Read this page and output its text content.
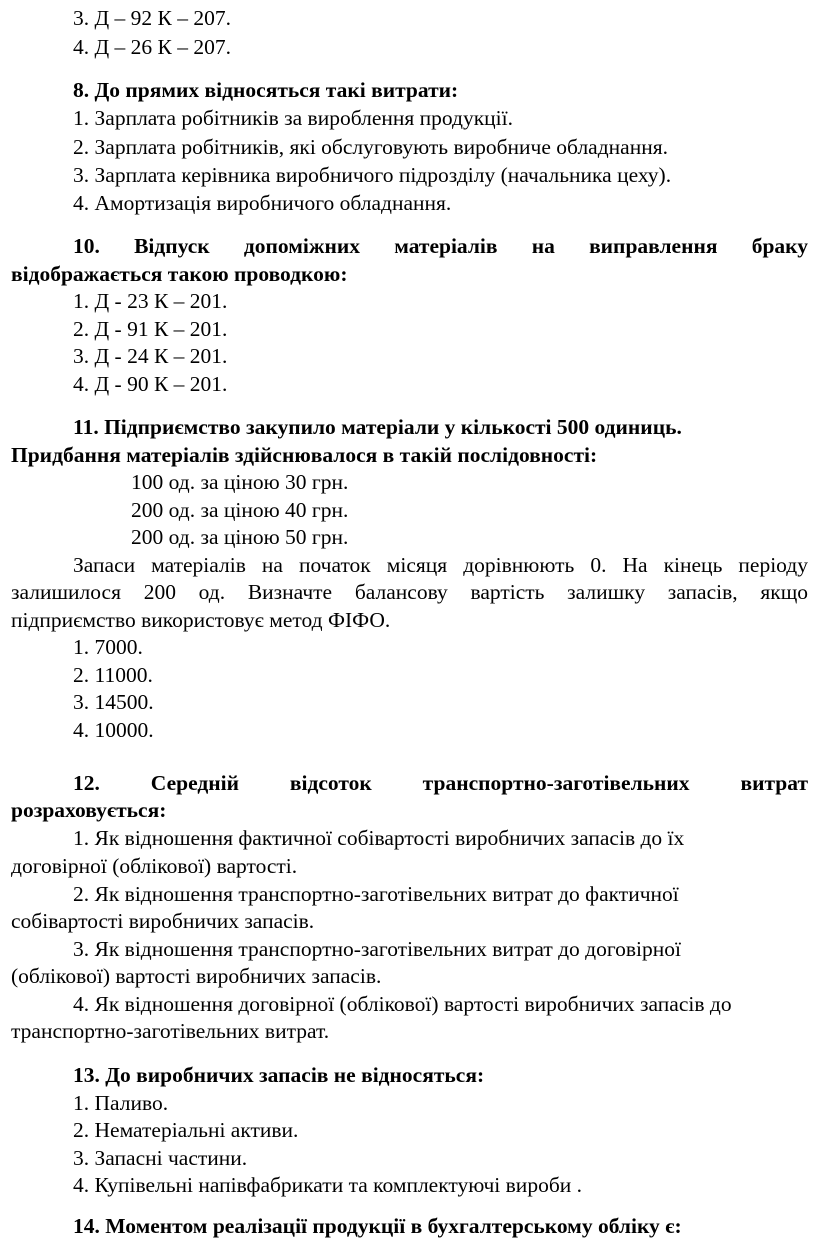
3. Д – 92 К – 207.
4. Д – 26 К – 207.
8. До прямих відносяться такі витрати:
1. Зарплата робітників за вироблення продукції.
2. Зарплата робітників, які обслуговують виробниче обладнання.
3. Зарплата керівника виробничого підрозділу (начальника цеху).
4. Амортизація виробничого обладнання.
10. Відпуск допоміжних матеріалів на виправлення браку
відображається такою проводкою:
1. Д - 23 К – 201.
2. Д - 91 К – 201.
3. Д - 24 К – 201.
4. Д - 90 К – 201.
11. Підприємство закупило матеріали у кількості 500 одиниць.
Придбання матеріалів здійснювалося в такій послідовності:
100 од. за ціною 30 грн.
200 од. за ціною 40 грн.
200 од. за ціною 50 грн.
Запаси матеріалів на початок місяця дорівнюють 0. На кінець періоду
залишилося 200 од. Визначте балансову вартість залишку запасів, якщо
підприємство використовує метод ФІФО.
1. 7000.
2. 11000.
3. 14500.
4. 10000.
12. Середній відсоток транспортно-заготівельних витрат
розраховується:
1. Як відношення фактичної собівартості виробничих запасів до їх
договірної (облікової) вартості.
2. Як відношення транспортно-заготівельних витрат до фактичної
собівартості виробничих запасів.
3. Як відношення транспортно-заготівельних витрат до договірної
(облікової) вартості виробничих запасів.
4. Як відношення договірної (облікової) вартості виробничих запасів до
транспортно-заготівельних витрат.
13. До виробничих запасів не відносяться:
1. Паливо.
2. Нематеріальні активи.
3. Запасні частини.
4. Купівельні напівфабрикати та комплектуючі вироби .
14. Моментом реалізації продукції в бухгалтерському обліку є:
